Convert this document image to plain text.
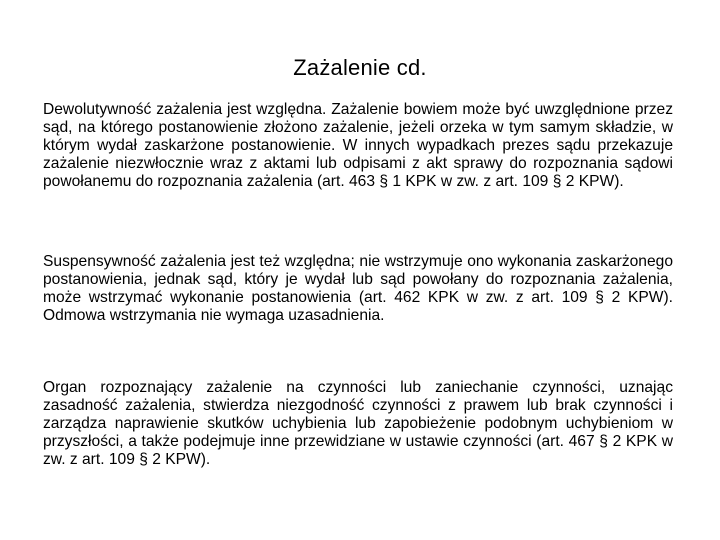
Zażalenie cd.
Dewolutywność zażalenia jest względna. Zażalenie bowiem może być uwzględnione przez sąd, na którego postanowienie złożono zażalenie, jeżeli orzeka w tym samym składzie, w którym wydał zaskarżone postanowienie. W innych wypadkach prezes sądu przekazuje zażalenie niezwłocznie wraz z aktami lub odpisami z akt sprawy do rozpoznania sądowi powołanemu do rozpoznania zażalenia (art. 463 § 1 KPK w zw. z art. 109 § 2 KPW).
Suspensywność zażalenia jest też względna; nie wstrzymuje ono wykonania zaskarżonego postanowienia, jednak sąd, który je wydał lub sąd powołany do rozpoznania zażalenia, może wstrzymać wykonanie postanowienia (art. 462 KPK w zw. z art. 109 § 2 KPW). Odmowa wstrzymania nie wymaga uzasadnienia.
Organ rozpoznający zażalenie na czynności lub zaniechanie czynności, uznając zasadność zażalenia, stwierdza niezgodność czynności z prawem lub brak czynności i zarządza naprawienie skutków uchybienia lub zapobieżenie podobnym uchybieniom w przyszłości, a także podejmuje inne przewidziane w ustawie czynności (art. 467 § 2 KPK w zw. z art. 109 § 2 KPW).
